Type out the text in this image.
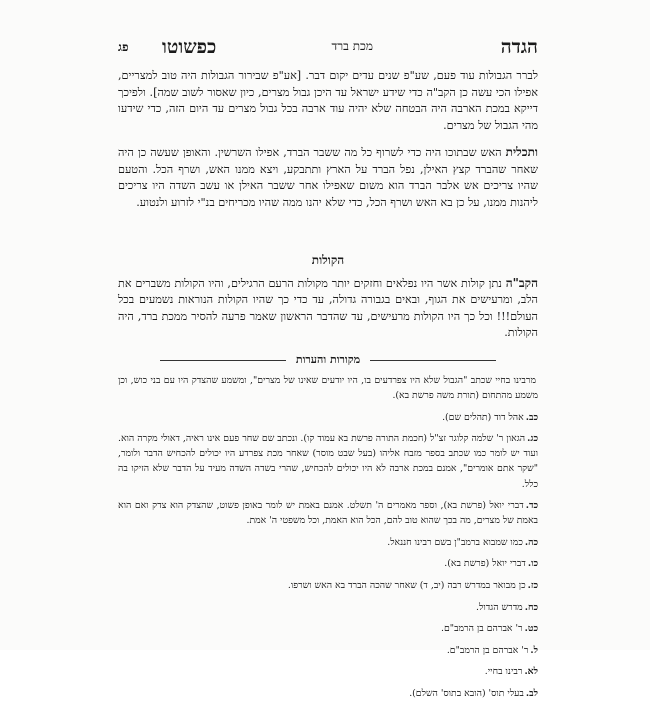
הגדה
מכת ברד
כפשוטו
פג

לברר הגבולות עוד פעם, שע"פ שנים עדים יקום דבר. [אע"פ שבירור הגבולות היה טוב למצריים, אפילו הכי עשה כן הקב"ה כדי שידע ישראל עד היכן גבול מצרים, כיון שאסור לשוב שמה]. ולפיכך דייקא במכת הארבה היה הבטחה שלא יהיה עוד ארבה בכל גבול מצרים עד היום הזה, כדי שידעו מהי הגבול של מצרים.

ותכלית האש שבתוכו היה כדי לשרוף כל מה ששבר הברד, אפילו השרשין. והאופן שעשה כן היה שאחר שהברד קצץ האילן, נפל הברד על הארץ ותתבקע, ויצא ממנו האש, ושרף הכל. והטעם שהיו צריכים אש אלבר הברד הוא משום שאפילו אחר ששבר האילן או עשב השדה היו צריכים ליהנות ממנו, על כן בא האש ושרף הכל, כדי שלא יהנו ממה שהיו מכריחים בנ"י לזרוע ולנטוע.

הקולות

הקב"ה נתן קולות אשר היו נפלאים וחזקים יותר מקולות הרעם הרגילים, והיו הקולות משברים את הלב, ומרעישים את הגוף, ובאים בגבורה גדולה, עד כדי כך שהיו הקולות הנוראות נשמעים בכל העולם!!! וכל כך היו הקולות מרעישים, עד שהדבר הראשון שאמר פרעה להסיר ממכת ברד, היה הקולות.

מקורות והערות
מרבינו בחיי שכתב "הגבול שלא היו צפרדעים בו, היו יודעים שאינו של מצרים", ומשמע שהצדק היו עם בני כוש, וכן משמע מהתחום (תורת משה פרשת בא).
כב.אהל דוד (תהלים שם).
כג.הגאון ר' שלמה קלוגר זצ"ל (חכמת התורה פרשת בא עמוד קו). ונכתב שם שחר פעם אינו ראיה, דאולי מקרה הוא. ועוד יש לומר כמו שכתב בספר מזבח אליהו (בעל שבט מוסר) שאחר מכת צפרדע היו יכולים להכחיש הדבר ולומר, "שקר אתם אומרים", אמנם במכת ארבה לא היו יכולים להכחיש, שהרי בשדה השדה מעיד על הדבר שלא הזיקו בה כלל.
כד.דברי יואל (פרשת בא), וספר מאמרים ה' תשלט. אמנם באמת יש לומר באופן פשוט, שהצדק הוא צדק ואם הוא באמת של מצרים, מה בכך שהוא טוב להם, הכל הוא האמת, וכל משפטי ה' אמת.
כה.כמו שמבוא ברמב"ן בשם רבינו חננאל.
כו.דברי יואל (פרשת בא).
כז.כן מבואר במדרש רבה (יב, ד) שאחר שהכה הברד בא האש ושרפו.
כח.מדרש הגדול.
כט.ר' אברהם בן הרמב"ם.
ל.ר' אברהם בן הרמב"ם.
לא.רבינו בחיי.
לב.בעלי תוס' (הובא בתוס' השלם).
